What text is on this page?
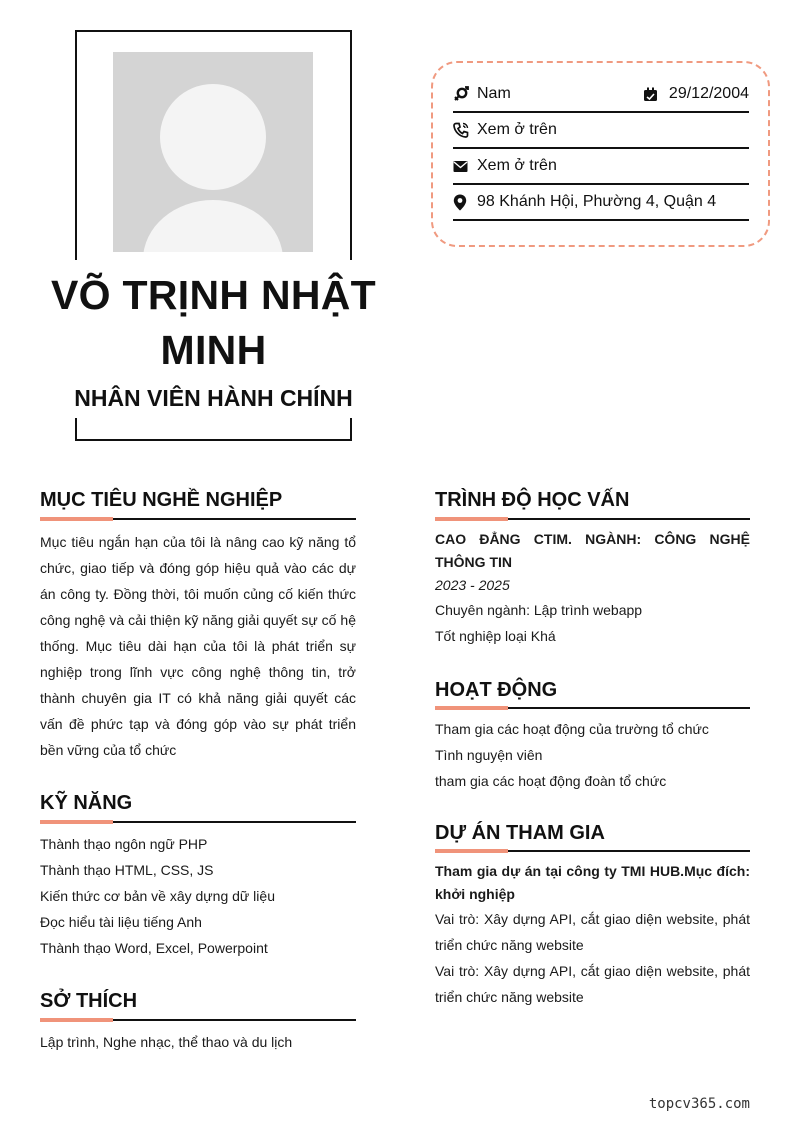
VÕ TRỊNH NHẬT MINH
NHÂN VIÊN HÀNH CHÍNH
Nam	29/12/2004
Xem ở trên
Xem ở trên
98 Khánh Hội, Phường 4, Quận 4
MỤC TIÊU NGHỀ NGHIỆP
Mục tiêu ngắn hạn của tôi là nâng cao kỹ năng tổ chức, giao tiếp và đóng góp hiệu quả vào các dự án công ty. Đồng thời, tôi muốn củng cố kiến thức công nghệ và cải thiện kỹ năng giải quyết sự cố hệ thống. Mục tiêu dài hạn của tôi là phát triển sự nghiệp trong lĩnh vực công nghệ thông tin, trở thành chuyên gia IT có khả năng giải quyết các vấn đề phức tạp và đóng góp vào sự phát triển bền vững của tổ chức
KỸ NĂNG
Thành thạo ngôn ngữ PHP
Thành thạo HTML, CSS, JS
Kiến thức cơ bản về xây dựng dữ liệu
Đọc hiểu tài liệu tiếng Anh
Thành thạo Word, Excel, Powerpoint
SỞ THÍCH
Lập trình, Nghe nhạc, thể thao và du lịch
TRÌNH ĐỘ HỌC VẤN
CAO ĐẲNG CTIM. NGÀNH: CÔNG NGHỆ THÔNG TIN
2023 - 2025
Chuyên ngành: Lập trình webapp
Tốt nghiệp loại Khá
HOẠT ĐỘNG
Tham gia các hoạt động của trường tổ chức
Tình nguyện viên
tham gia các hoạt động đoàn tổ chức
DỰ ÁN THAM GIA
Tham gia dự án tại công ty TMI HUB.Mục đích: khởi nghiệp
Vai trò: Xây dựng API, cắt giao diện website, phát triển chức năng website
Vai trò: Xây dựng API, cắt giao diện website, phát triển chức năng website
topcv365.com
